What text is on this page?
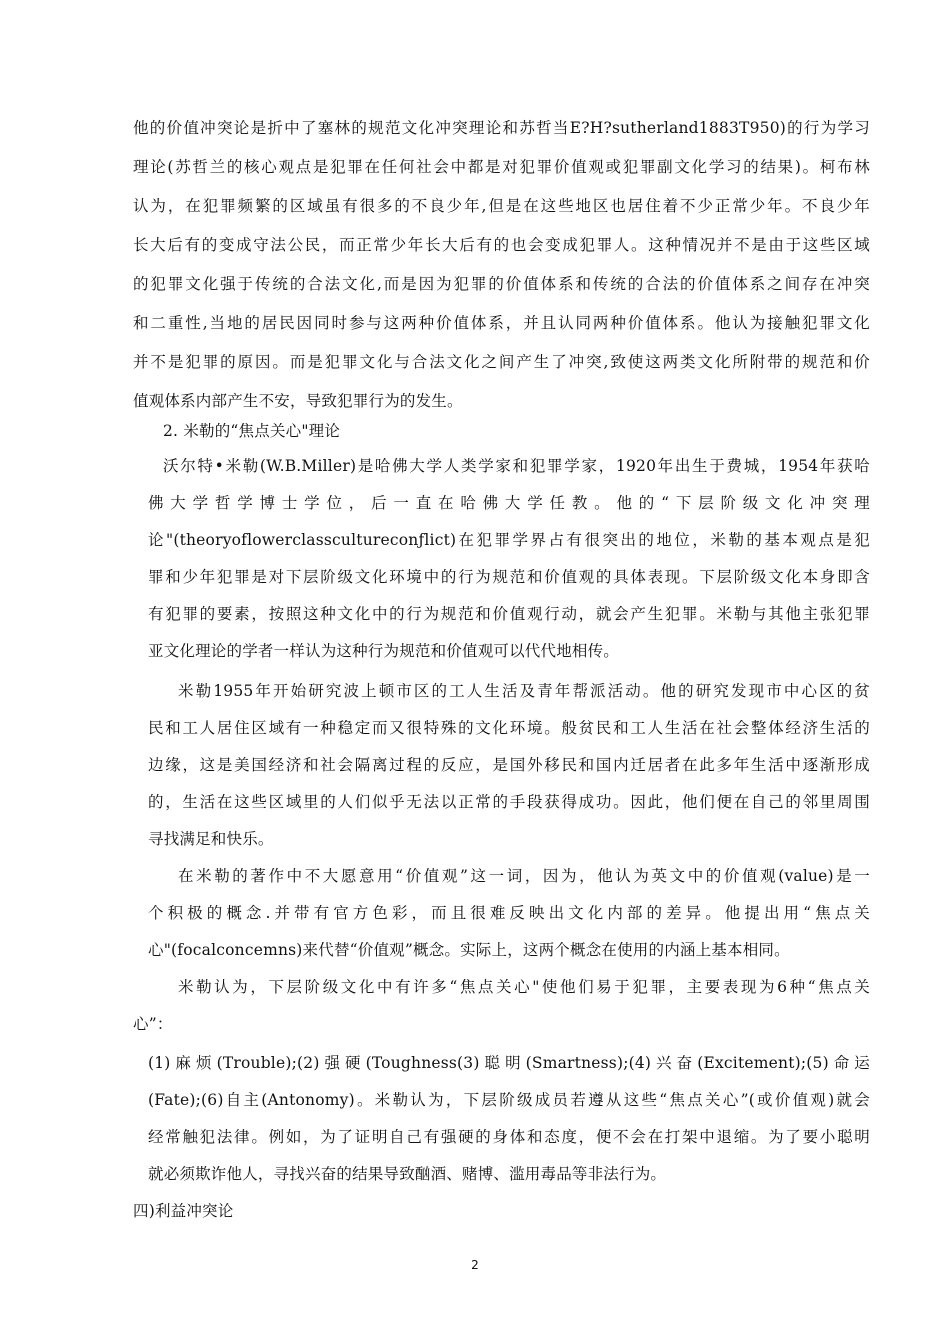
他的价值冲突论是折中了塞林的规范文化冲突理论和苏哲当E?H?sutherland1883T950)的行为学习
理论(苏哲兰的核心观点是犯罪在任何社会中都是对犯罪价值观或犯罪副文化学习的结果)。柯布林
认为，在犯罪频繁的区域虽有很多的不良少年,但是在这些地区也居住着不少正常少年。不良少年
长大后有的变成守法公民，而正常少年长大后有的也会变成犯罪人。这种情况并不是由于这些区域
的犯罪文化强于传统的合法文化,而是因为犯罪的价值体系和传统的合法的价值体系之间存在冲突
和二重性,当地的居民因同时参与这两种价值体系，并且认同两种价值体系。他认为接触犯罪文化
并不是犯罪的原因。而是犯罪文化与合法文化之间产生了冲突,致使这两类文化所附带的规范和价
值观体系内部产生不安，导致犯罪行为的发生。
2. 米勒的“焦点关心"理论
沃尔特•米勒(W.B.Miller)是哈佛大学人类学家和犯罪学家，1920年出生于费城，1954年获哈
佛大学哲学博士学位，后一直在哈佛大学任教。他的“下层阶级文化冲突理
论"(theoryoflowerclasscultureconƒlict)在犯罪学界占有很突出的地位，米勒的基本观点是犯
罪和少年犯罪是对下层阶级文化环境中的行为规范和价值观的具体表现。下层阶级文化本身即含
有犯罪的要素，按照这种文化中的行为规范和价值观行动，就会产生犯罪。米勒与其他主张犯罪
亚文化理论的学者一样认为这种行为规范和价值观可以代代地相传。
米勒1955年开始研究波上顿市区的工人生活及青年帮派活动。他的研究发现市中心区的贫
民和工人居住区域有一种稳定而又很特殊的文化环境。般贫民和工人生活在社会整体经济生活的
边缘，这是美国经济和社会隔离过程的反应，是国外移民和国内迁居者在此多年生活中逐渐形成
的，生活在这些区域里的人们似乎无法以正常的手段获得成功。因此，他们便在自己的邻里周围
寻找满足和快乐。
在米勒的著作中不大愿意用“价值观”这一词，因为，他认为英文中的价值观(value)是一
个积极的概念.并带有官方色彩，而且很难反映出文化内部的差异。他提出用“焦点关
心"(focalconcemns)来代替“价值观”概念。实际上，这两个概念在使用的内涵上基本相同。
米勒认为，下层阶级文化中有许多“焦点关心"使他们易于犯罪，主要表现为6种“焦点关
心”：
(1)麻烦(Trouble);(2)强硬(Toughness(3)聪明(Smartness);(4)兴奋(Excitement);(5)命运
(Fate);(6)自主(Antonomy)。米勒认为，下层阶级成员若遵从这些“焦点关心”(或价值观)就会
经常触犯法律。例如，为了证明自己有强硬的身体和态度，便不会在打架中退缩。为了要小聪明
就必须欺诈他人，寻找兴奋的结果导致酗酒、赌博、滥用毒品等非法行为。
四)利益冲突论
2
